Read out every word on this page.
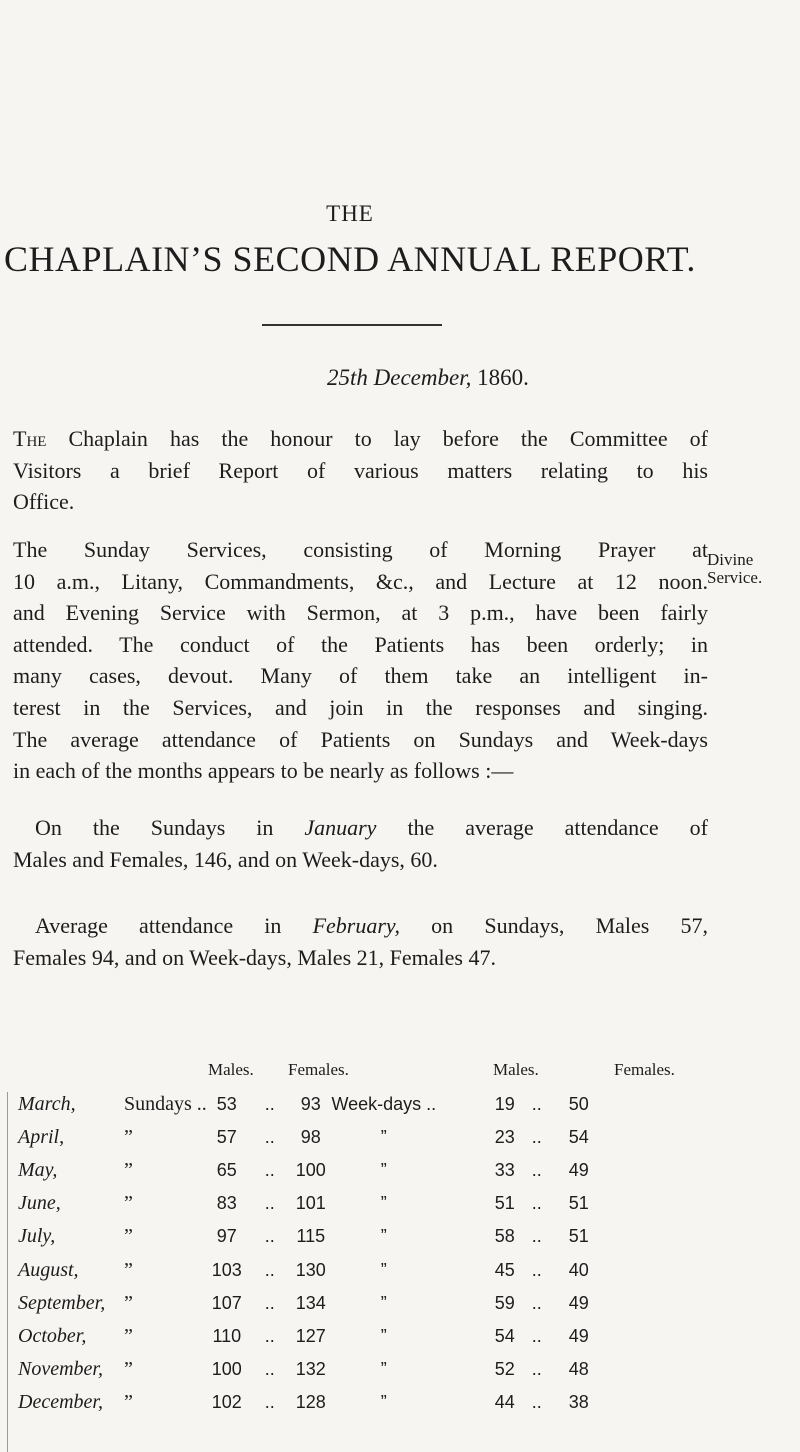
THE
CHAPLAIN’S SECOND ANNUAL REPORT.
25th December, 1860.
The Chaplain has the honour to lay before the Committee of
Visitors a brief Report of various matters relating to his
Office.
Divine
Service.
The Sunday Services, consisting of Morning Prayer at
10 a.m., Litany, Commandments, &c., and Lecture at 12 noon.
and Evening Service with Sermon, at 3 p.m., have been fairly
attended. The conduct of the Patients has been orderly; in
many cases, devout. Many of them take an intelligent in-
terest in the Services, and join in the responses and singing.
The average attendance of Patients on Sundays and Week-days
in each of the months appears to be nearly as follows :—
 On the Sundays in January the average attendance of
Males and Females, 146, and on Week-days, 60.
 Average attendance in February, on Sundays, Males 57,
Females 94, and on Week-days, Males 21, Females 47.
Males. Females.	Males.	Females.
March,	Sundays ..	53	..	93	Week-days ..	19	..	50
April,	”	57	..	98	”	23	..	54
May,	”	65	..	100	”	33	..	49
June,	”	83	..	101	”	51	..	51
July,	”	97	..	115	”	58	..	51
August,	”	103	..	130	”	45	..	40
September,	”	107	..	134	”	59	..	49
October,	”	110	..	127	”	54	..	49
November,	”	100	..	132	”	52	..	48
December,	”	102	..	128	”	44	..	38
